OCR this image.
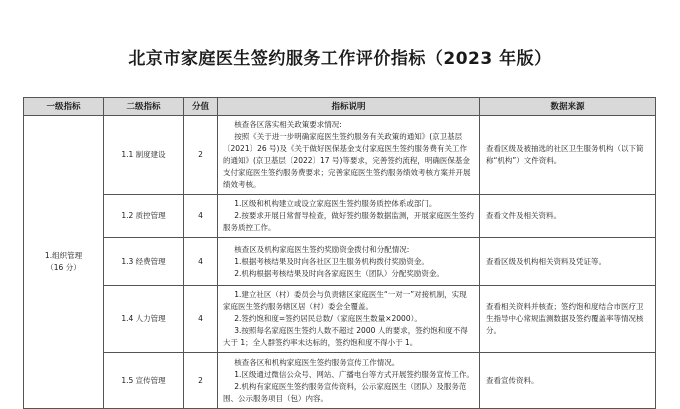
北京市家庭医生签约服务工作评价指标（2023 年版）
一级指标	二级指标	分值	指标说明	数据来源

1.组织管理
（16 分）	1.1 制度建设	2	核查各区落实相关政策要求情况:
按照《关于进一步明确家庭医生签约服务有关政策的通知》(京卫基层〔2021〕26 号)及《关于做好医保基金支付家庭医生签约服务费有关工作的通知》(京卫基层〔2022〕17 号)等要求，完善签约流程，明确医保基金支付家庭医生签约服务费要求；完善家庭医生签约服务绩效考核方案并开展绩效考核。	查看区级及被抽选的社区卫生服务机构（以下简称“机构”）文件资料。
	1.2 质控管理	4	1.区级和机构建立或设立家庭医生签约服务质控体系或部门。
2.按要求开展日常督导检查，做好签约服务数据监测，开展家庭医生签约服务质控工作。	查看文件及相关资料。
	1.3 经费管理	4	核查区及机构家庭医生签约奖励资金拨付和分配情况:
1.根据考核结果及时向各社区卫生服务机构拨付奖励资金。
2.机构根据考核结果及时向各家庭医生（团队）分配奖励资金。	查看区级及机构相关资料及凭证等。
	1.4 人力管理	4	1.建立社区（村）委员会与负责辖区家庭医生“一对一”对接机制，实现家庭医生签约服务辖区居（村）委会全覆盖。
2.签约饱和度=签约居民总数/（家庭医生数量×2000）。
3.按照每名家庭医生签约人数不超过 2000 人的要求，签约饱和度不得大于 1；全人群签约率未达标的，签约饱和度不得小于 1。	查看相关资料并核查；签约饱和度结合市医疗卫生指导中心常规监测数据及签约覆盖率等情况核分。
	1.5 宣传管理	2	核查各区和机构家庭医生签约服务宣传工作情况。
1.区级通过微信公众号、网站、广播电台等方式开展签约服务宣传工作。
2.机构有家庭医生签约服务宣传资料，公示家庭医生（团队）及服务范围、公示服务项目（包）内容。	查看宣传资料。
